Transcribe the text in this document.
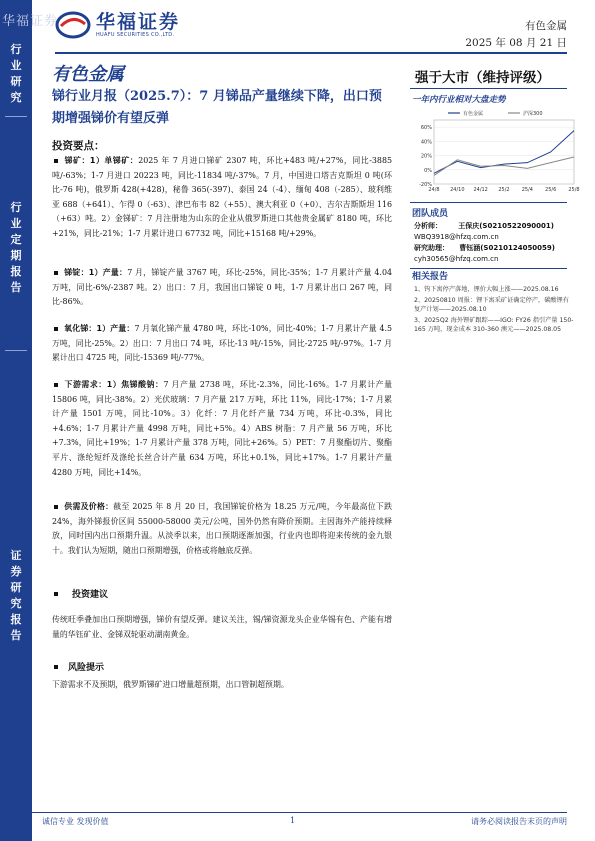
行业研究
行业定期报告
证券研究报告
华福证券 华福证券
HUAFU SECURITIES CO.,LTD.
有色金属
2025 年 08 月 21 日
有色金属
锑行业月报（2025.7）：7 月锑品产量继续下降，出口预期增强锑价有望反弹
强于大市（维持评级）
一年内行业相对大盘走势
60%
40%
20%
0%
-20%
24/8 24/10 24/12 25/2 25/4 25/6 25/8
有色金属	沪深300
团队成员
分析师： 王保庆(S0210522090001)
WBQ3918@hfzq.com.cn
研究助理： 曹钰涵(S0210124050059)
cyh30565@hfzq.com.cn
相关报告
1、钨下寓停产落地，锂价大幅上涨——2025.08.16
2、20250810 周报：锂下寓采矿证确定停产，碳酸锂有复产计划——2025.08.10
3、2025Q2 海外锂矿跟踪——IGO: FY26 指引产量 150-165 万吨，现金成本 310-360 澳元——2025.08.05
投资要点：
锑矿：1）单锑矿：2025 年 7 月进口锑矿 2307 吨，环比+483 吨/+27%，同比-3885 吨/-63%；1-7 月进口 20223 吨，同比-11834 吨/-37%。7 月，中国进口塔吉克斯坦 0 吨(环比-76 吨)，俄罗斯 428(+428)，秘鲁 365(-397)、泰国 24（-4）、缅甸 408（-285）、玻利维亚 688（+641）、乍得 0（-63）、津巴布韦 82（+55）、澳大利亚 0（+0）、吉尔吉斯斯坦 116（+63）吨。2）金锑矿：7 月注册地为山东的企业从俄罗斯进口其他贵金属矿 8180 吨，环比+21%，同比-21%；1-7 月累计进口 67732 吨，同比+15168 吨/+29%。
锑锭：1）产量：7 月，锑锭产量 3767 吨，环比-25%，同比-35%；1-7 月累计产量 4.04 万吨，同比-6%/-2387 吨。2）出口：7 月，我国出口锑锭 0 吨，1-7 月累计出口 267 吨，同比-86%。
氧化锑：1）产量：7 月氧化锑产量 4780 吨，环比-10%，同比-40%；1-7 月累计产量 4.5 万吨，同比-25%。2）出口：7 月出口 74 吨，环比-13 吨/-15%，同比-2725 吨/-97%。1-7 月累计出口 4725 吨，同比-15369 吨/-77%。
下游需求：1）焦锑酸钠：7 月产量 2738 吨，环比-2.3%，同比-16%。1-7 月累计产量 15806 吨，同比-38%。2）光伏玻璃：7 月产量 217 万吨，环比 11%，同比-17%；1-7 月累计产量 1501 万吨，同比-10%。3）化纤：7 月化纤产量 734 万吨，环比-0.3%，同比+4.6%；1-7 月累计产量 4998 万吨，同比+5%。4）ABS 树脂：7 月产量 56 万吨，环比+7.3%，同比+19%；1-7 月累计产量 378 万吨，同比+26%。5）PET：7 月聚酯切片、聚酯平片、涤纶短纤及涤纶长丝合计产量 634 万吨，环比+0.1%，同比+17%。1-7 月累计产量 4280 万吨，同比+14%。
供需及价格：截至 2025 年 8 月 20 日，我国锑锭价格为 18.25 万元/吨，今年最高位下跌 24%，海外锑报价区间 55000-58000 美元/公吨，国外仍然有降价预期。主因海外产能持续释放，同时国内出口预期升温。从淡季以来，出口预期逐渐加强，行业内也即将迎来传统的金九银十。我们认为短期，随出口预期增强，价格或将触底反弹。
投资建议
传统旺季叠加出口预期增强，锑价有望反弹。建议关注，锡/锑资源龙头企业华锡有色、产能有增量的华钰矿业、金锑双轮驱动湖南黄金。
风险提示
下游需求不及预期，俄罗斯锑矿进口增量超预期，出口管制超预期。
诚信专业 发现价值	1	请务必阅读报告末页的声明
